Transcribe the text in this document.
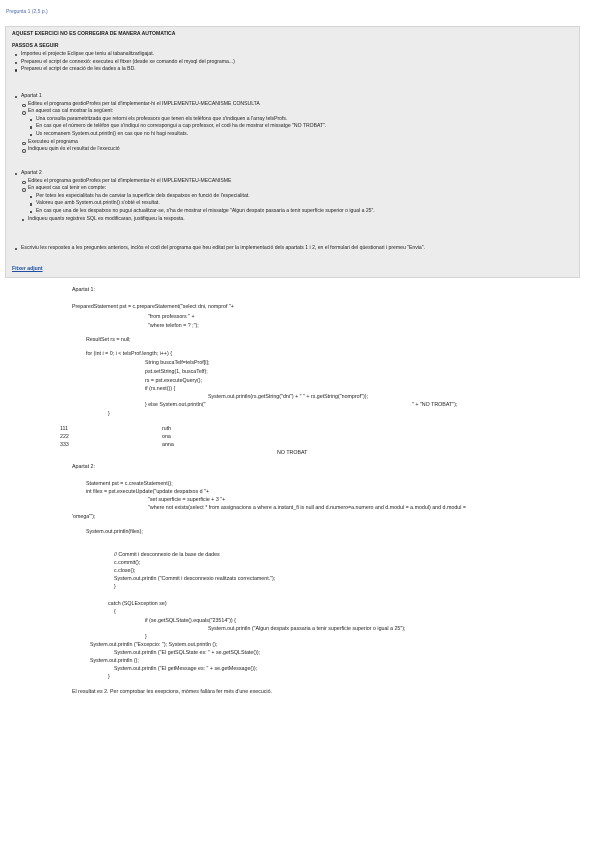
Pregunta 1 (2,5 p.)
AQUEST EXERCICI NO ES CORREGIRA DE MANERA AUTOMATICA
PASSOS A SEGUIR
Importeu el projecte Eclipse que teniu al tabanalitzarligajat.
Prepareu el script de connexió: executeu el fitxer (desde xe comando el mysql del programa...)
Prepareu el script de creació de les dades a la BD.
Apartat 1
Editeu el programa gestioProfes per tal d'implementar-hi el IMPLEMENTEU-MECANISME CONSULTA
En aquest cas cal mostrar la següent:
Una consulta parametritzada que retorni els professors que tenen els telèfons que s'indiquen a l'array telsProfs.
En cas que el número de telèfon que s'indiqui no correspongui a cap professor, el codi ha de mostrar el missatge "NO TROBAT".
Us recomanem System.out.println() en cas que no hi hagi resultats.
Executeu el programa
Indiqueu quin és el resultat de l'execució
Apartat 2
Editeu el programa gestioProfes per tal d'implementar-hi el IMPLEMENTEU-MECANISME
En aquest cas cal tenir en compte:
Per totes les especialitats ha de canviar la superfície dels despatxos en funció de l'especialitat.
Valoreu que amb System.out.println() s'obté el resultat.
En cas que una de les despatxos no pugui actualitzar-se, s'ha de mostrar el missatge "Algun despatx passaria a tenir superfície superior o igual a 25".
Indiqueu quants registres SQL es modificaran, justifiqueu la resposta.
Escriviu les respostes a les preguntes anteriors, inclòs el codi del programa que heu editat per la implementació dels apartats 1 i 2, en el formulari del qüestionari i premeu "Envia".
Fitxer adjunt
Apartat 1:
PreparedStatement pst = c.prepareStatement("select dni, nomprof "+
"from professors " +
"where telefon = ? ;");
ResultSet rs = null;
for (int i = 0; i < telsProf.length; i++) {
String buscaTelf=telsProf[i];
pst.setString(1, buscaTelf);
rs = pst.executeQuery();
if (rs.next()) {
System.out.println(rs.getString("dni") + " " + rs.getString("nomprof"));
} else System.out.println("	" + "NO TROBAT");
}
111	ruth
222	ona
333	anna
NO TROBAT
Apartat 2:
Statement pst = c.createStatement();
int files = pst.executeUpdate("update despatxos d "+
"set superficie = superficie + 3 "+
"where not exists(select * from assignacions a where a.instant_fi is null and d.numero=a.numero and d.modul = a.modul) and d.modul =
'omega'");
System.out.println(files);
// Commit i desconnexio de la base de dades
c.commit();
c.close();
System.out.println ("Commit i desconnexio realitzats correctament.");
}
catch (SQLException se)
{
if (se.getSQLState().equals("23514")) {
System.out.println ("Algun despatx passaria a tenir superficie superior o igual a 25");
}
System.out.println ("Excepcio: "); System.out.println ();
System.out.println ("El getSQLState es: " + se.getSQLState());
System.out.println ();
System.out.println ("El getMessage es: " + se.getMessage());
}
El resultat es 2. Per comprobar les exepcions, mòmes fallàra fer més d'une execució.
